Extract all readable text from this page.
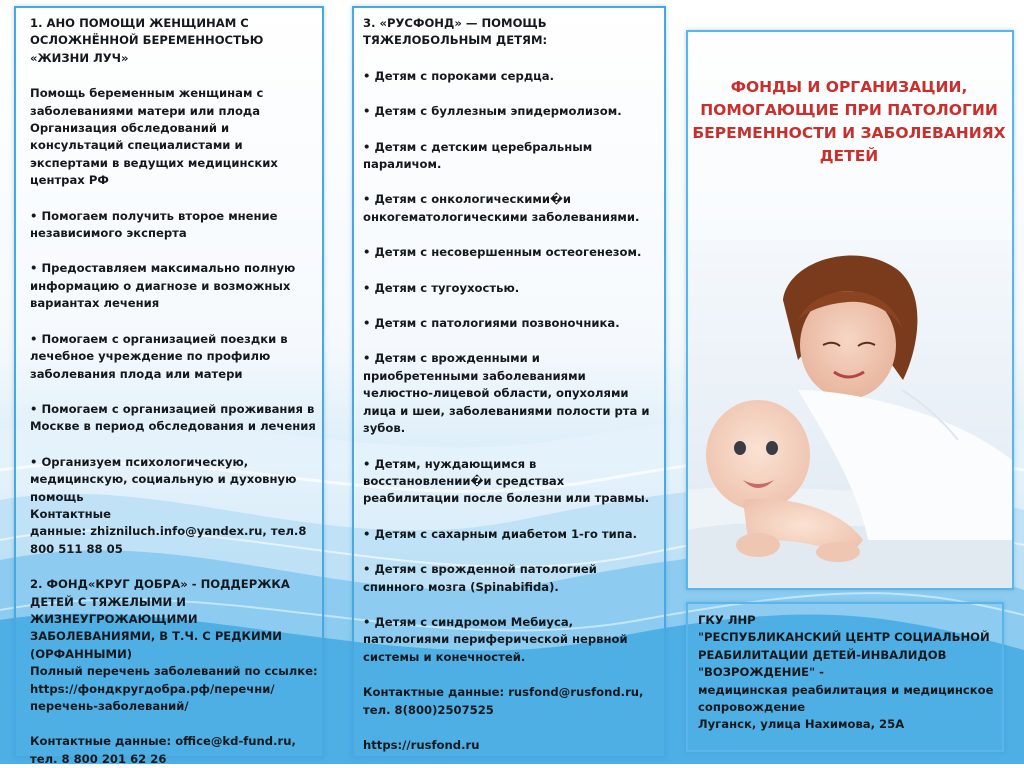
1. АНО ПОМОЩИ ЖЕНЩИНАМ С ОСЛОЖНЁННОЙ БЕРЕМЕННОСТЬЮ «ЖИЗНИ ЛУЧ»

Помощь беременным женщинам с заболеваниями матери или плода Организация обследований и консультаций специалистами и экспертами в ведущих медицинских центрах РФ

• Помогаем получить второе мнение независимого эксперта

• Предоставляем максимально полную информацию о диагнозе и возможных вариантах лечения

• Помогаем с организацией поездки в лечебное учреждение по профилю заболевания плода или матери

• Помогаем с организацией проживания в Москве в период обследования и лечения

• Организуем психологическую, медицинскую, социальную и духовную помощь

Контактные

данные: zhizniluch.info@yandex.ru, тел.8 800 511 88 05

2. ФОНД«КРУГ ДОБРА» - ПОДДЕРЖКА ДЕТЕЙ С ТЯЖЕЛЫМИ И ЖИЗНЕУГРОЖАЮЩИМИ ЗАБОЛЕВАНИЯМИ, В Т.Ч. С РЕДКИМИ (ОРФАННЫМИ)

Полный перечень заболеваний по ссылке: https://фондкругдобра.рф/перечни/перечень-заболеваний/

Контактные данные: office@kd-fund.ru, тел. 8 800 201 62 26

3. «РУСФОНД» — ПОМОЩЬ ТЯЖЕЛОБОЛЬНЫМ ДЕТЯМ:

• Детям с пороками сердца.

• Детям с буллезным эпидермолизом.

• Детям с детским церебральным параличом.

• Детям с онкологическими�и онкогематологическими заболеваниями.

• Детям с несовершенным остеогенезом.

• Детям с тугоухостью.

• Детям с патологиями позвоночника.

• Детям с врожденными и приобретенными заболеваниями челюстно-лицевой области, опухолями лица и шеи, заболеваниями полости рта и зубов.

• Детям, нуждающимся в восстановлении�и средствах реабилитации после болезни или травмы.

• Детям с сахарным диабетом 1-го типа.

• Детям с врожденной патологией спинного мозга (Spinabifida).

• Детям с синдромом Мебиуса, патологиями периферической нервной системы и конечностей.

Контактные данные: rusfond@rusfond.ru, тел. 8(800)2507525

https://rusfond.ru

ФОНДЫ И ОРГАНИЗАЦИИ, ПОМОГАЮЩИЕ ПРИ ПАТОЛОГИИ БЕРЕМЕННОСТИ И ЗАБОЛЕВАНИЯХ ДЕТЕЙ

ГКУ ЛНР

"РЕСПУБЛИКАНСКИЙ ЦЕНТР СОЦИАЛЬНОЙ РЕАБИЛИТАЦИИ ДЕТЕЙ-ИНВАЛИДОВ "ВОЗРОЖДЕНИЕ" -

медицинская реабилитация и медицинское сопровождение

Луганск, улица Нахимова, 25А
